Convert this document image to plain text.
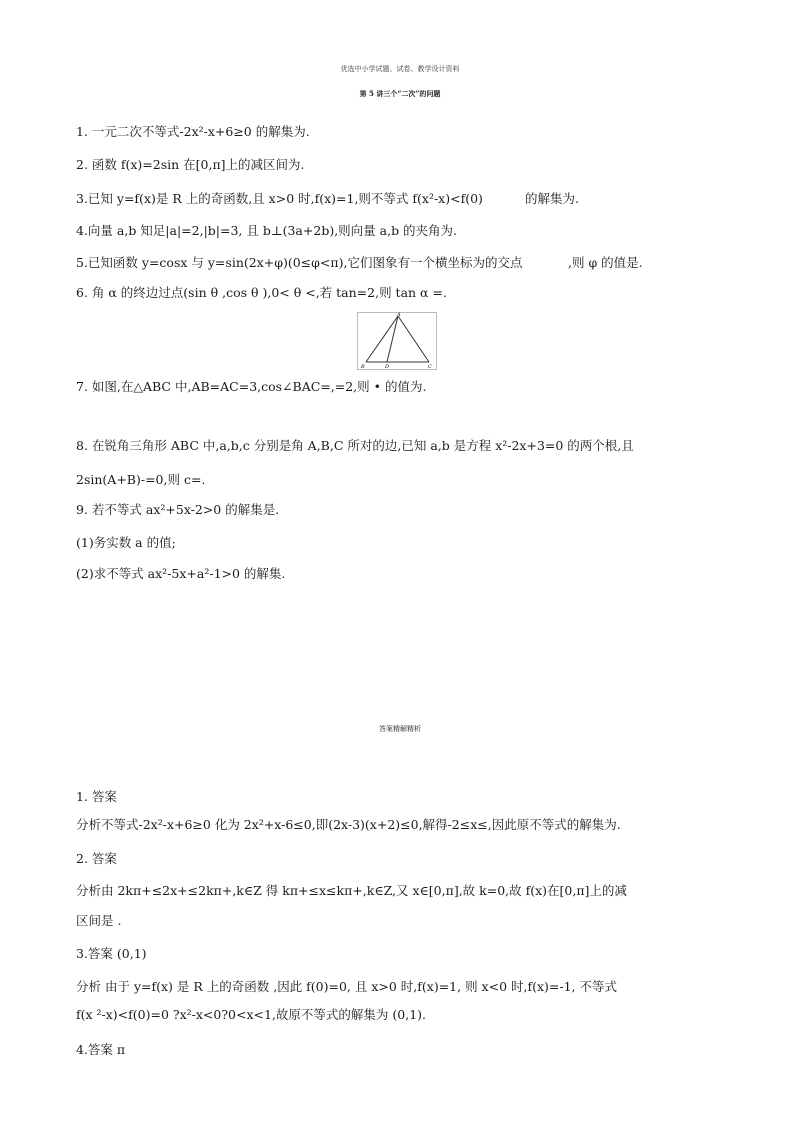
优选中小学试题、试卷、教学设计资料
第 5 讲三个“二次”的问题
1. 一元二次不等式-2x²-x+6≥0 的解集为.
2. 函数 f(x)=2sin 在[0,π]上的减区间为.
3.已知 y=f(x)是 R 上的奇函数,且 x>0 时,f(x)=1,则不等式 f(x²-x)<f(0)	的解集为.
4.向量 a,b 知足|a|=2,|b|=3, 且 b⊥(3a+2b),则向量 a,b 的夹角为.
5.已知函数 y=cosx 与 y=sin(2x+φ)(0≤φ<π),它们图象有一个横坐标为的交点	,则 φ 的值是.
6. 角 α 的终边过点(sin θ ,cos θ ),0< θ <,若 tan=2,则 tan α =.
A
B	D	C
7. 如图,在△ABC 中,AB=AC=3,cos∠BAC=,=2,则 • 的值为.
8. 在锐角三角形 ABC 中,a,b,c 分别是角 A,B,C 所对的边,已知 a,b 是方程 x²-2x+3=0 的两个根,且
2sin(A+B)-=0,则 c=.
9. 若不等式 ax²+5x-2>0 的解集是.
(1)务实数 a 的值;
(2)求不等式 ax²-5x+a²-1>0 的解集.
答案精解精析
1. 答案
分析不等式-2x²-x+6≥0 化为 2x²+x-6≤0,即(2x-3)(x+2)≤0,解得-2≤x≤,因此原不等式的解集为.
2. 答案
分析由 2kπ+≤2x+≤2kπ+,k∈Z 得 kπ+≤x≤kπ+,k∈Z,又 x∈[0,π],故 k=0,故 f(x)在[0,π]上的减
区间是 .
3.答案 (0,1)
分析 由于 y=f(x) 是 R 上的奇函数 ,因此 f(0)=0, 且 x>0 时,f(x)=1, 则 x<0 时,f(x)=-1, 不等式
f(x ²-x)<f(0)=0 ?x²-x<0?0<x<1,故原不等式的解集为 (0,1).
4.答案 π
